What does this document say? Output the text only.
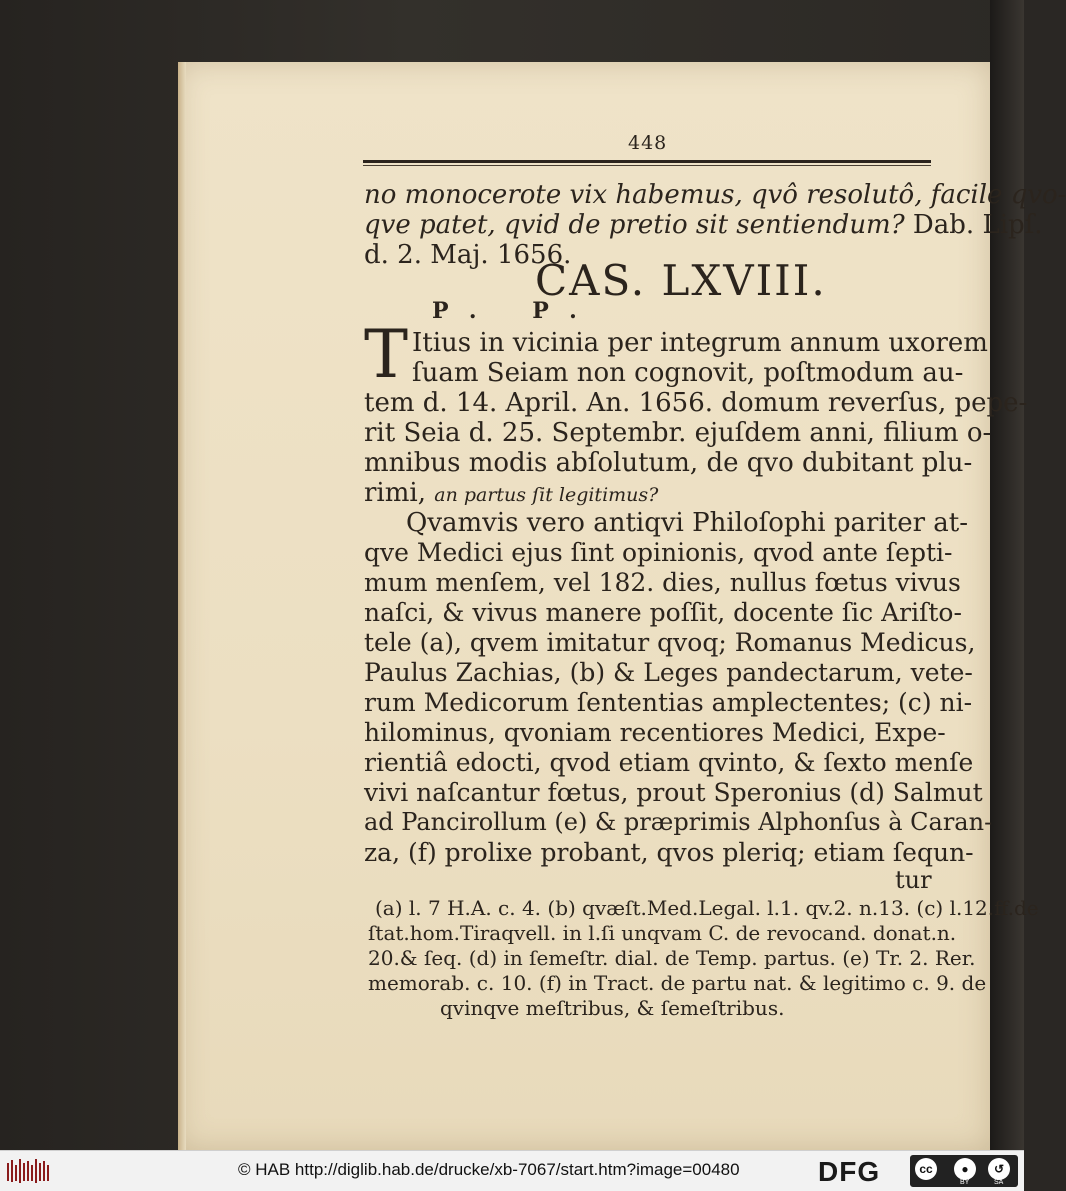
448
no monocerote vix habemus, qvô resolutô, facile qvo-
qve patet, qvid de pretio sit sentiendum? Dab. Lipſ.
d. 2. Maj. 1656.
CAS. LXVIII.
P. P.
T Itius in vicinia per integrum annum uxorem
ſuam Seiam non cognovit, poſtmodum au-
tem d. 14. April. An. 1656. domum reverſus, pepe-
rit Seia d. 25. Septembr. ejuſdem anni, filium o-
mnibus modis abſolutum, de qvo dubitant plu-
rimi, an partus ſit legitimus?
Qvamvis vero antiqvi Philoſophi pariter at-
qve Medici ejus ſint opinionis, qvod ante ſepti-
mum menſem, vel 182. dies, nullus fœtus vivus
naſci, & vivus manere poſſit, docente ſic Ariſto-
tele (a), qvem imitatur qvoq; Romanus Medicus,
Paulus Zachias, (b) & Leges pandectarum, vete-
rum Medicorum ſententias amplectentes; (c) ni-
hilominus, qvoniam recentiores Medici, Expe-
rientiâ edocti, qvod etiam qvinto, & ſexto menſe
vivi naſcantur fœtus, prout Speronius (d) Salmut
ad Pancirollum (e) & præprimis Alphonſus à Caran-
za, (f) prolixe probant, qvos pleriq; etiam ſequn-
tur
(a) l. 7 H.A. c. 4. (b) qvæſt.Med.Legal. l.1. qv.2. n.13. (c) l.12.ff.de
ſtat.hom.Tiraqvell. in l.ſi unqvam C. de revocand. donat.n.
20.& ſeq. (d) in ſemeſtr. dial. de Temp. partus. (e) Tr. 2. Rer.
memorab. c. 10. (f) in Tract. de partu nat. & legitimo c. 9. de
qvinqve meſtribus, & ſemeſtribus.
© HAB http://diglib.hab.de/drucke/xb-7067/start.htm?image=00480	DFG	cc	●	↺
BY	SA
